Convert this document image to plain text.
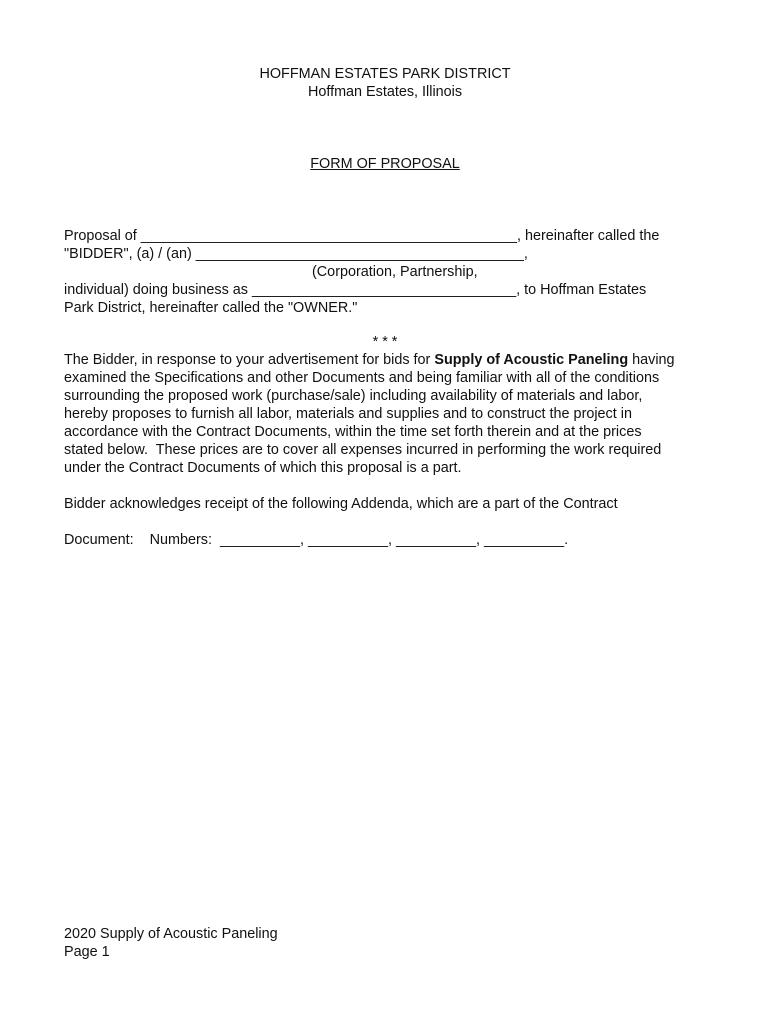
HOFFMAN ESTATES PARK DISTRICT

Hoffman Estates, Illinois

FORM OF PROPOSAL

Proposal of _______________________________________________, hereinafter called the

"BIDDER", (a) / (an) _________________________________________,

(Corporation, Partnership,

individual) doing business as _________________________________, to Hoffman Estates

Park District, hereinafter called the "OWNER."

* * *

The Bidder, in response to your advertisement for bids for Supply of Acoustic Paneling having

examined the Specifications and other Documents and being familiar with all of the conditions

surrounding the proposed work (purchase/sale) including availability of materials and labor,

hereby proposes to furnish all labor, materials and supplies and to construct the project in

accordance with the Contract Documents, within the time set forth therein and at the prices

stated below.  These prices are to cover all expenses incurred in performing the work required

under the Contract Documents of which this proposal is a part.

Bidder acknowledges receipt of the following Addenda, which are a part of the Contract

Document:    Numbers:  __________, __________, __________, __________.

2020 Supply of Acoustic Paneling

Page 1
